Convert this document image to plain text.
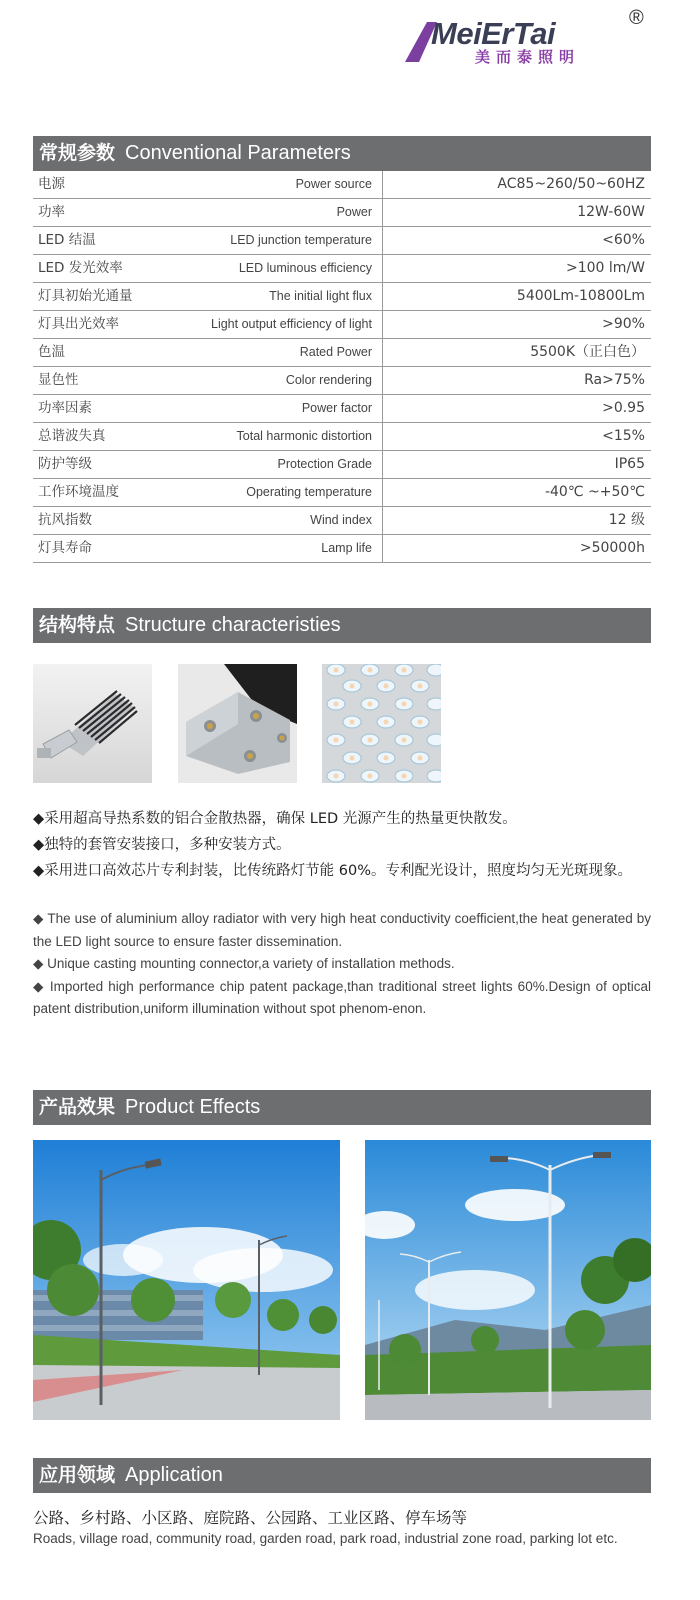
MeiErTai
美而泰照明
®
常规参数 Conventional Parameters
电源	Power source	AC85~260/50~60HZ
功率	Power	12W-60W
LED 结温	LED junction temperature	<60%
LED 发光效率	LED luminous efficiency	>100 lm/W
灯具初始光通量	The initial light flux	5400Lm-10800Lm
灯具出光效率	Light output efficiency of light	>90%
色温	Rated Power	5500K（正白色）
显色性	Color rendering	Ra>75%
功率因素	Power factor	>0.95
总谐波失真	Total harmonic distortion	<15%
防护等级	Protection Grade	IP65
工作环境温度	Operating temperature	-40℃ ~+50℃
抗风指数	Wind index	12 级
灯具寿命	Lamp life	>50000h
结构特点 Structure characteristies

◆采用超高导热系数的铝合金散热器，确保 LED 光源产生的热量更快散发。

◆独特的套管安装接口，多种安装方式。

◆采用进口高效芯片专利封装，比传统路灯节能 60%。专利配光设计，照度均匀无光斑现象。

◆ The use of aluminium alloy radiator with very high heat conductivity coefficient,the heat generated by the LED light source to ensure faster dissemination.

◆ Unique casting mounting connector,a variety of installation methods.

◆ Imported high performance chip patent package,than traditional street lights 60%.Design of optical patent distribution,uniform illumination without spot phenom-enon.

产品效果 Product Effects
应用领域 Application
公路、乡村路、小区路、庭院路、公园路、工业区路、停车场等
Roads, village road, community road, garden road, park road, industrial zone road, parking lot etc.
